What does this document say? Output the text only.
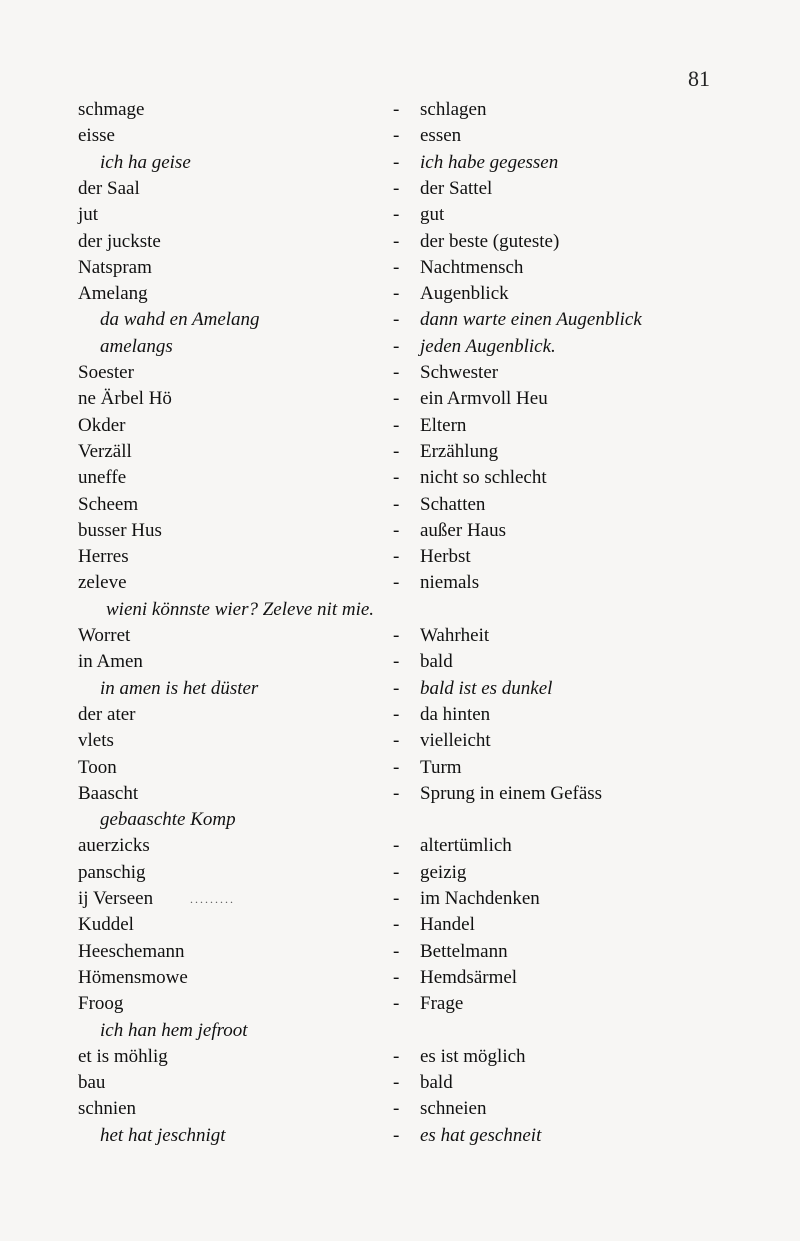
81
schmage	- schlagen
eisse	- essen
ich ha geise	- ich habe gegessen
der Saal	- der Sattel
jut	- gut
der juckste	- der beste (guteste)
Natspram	- Nachtmensch
Amelang	- Augenblick
da wahd en Amelang	- dann warte einen Augenblick
amelangs	- jeden Augenblick.
Soester	- Schwester
ne Ärbel Hö	- ein Armvoll Heu
Okder	- Eltern
Verzäll	- Erzählung
uneffe	- nicht so schlecht
Scheem	- Schatten
busser Hus	- außer Haus
Herres	- Herbst
zeleve	- niemals
wieni könnste wier? Zeleve nit mie.
Worret	- Wahrheit
in Amen	- bald
in amen is het düster	- bald ist es dunkel
der ater	- da hinten
vlets	- vielleicht
Toon	- Turm
Baascht	- Sprung in einem Gefäss
gebaaschte Komp
auerzicks	- altertümlich
panschig	- geizig
ij Verseen	- im Nachdenken
.........
Kuddel	- Handel
Heeschemann	- Bettelmann
Hömensmowe	- Hemdsärmel
Froog	- Frage
ich han hem jefroot
et is möhlig	- es ist möglich
bau	- bald
schnien	- schneien
het hat jeschnigt	- es hat geschneit
